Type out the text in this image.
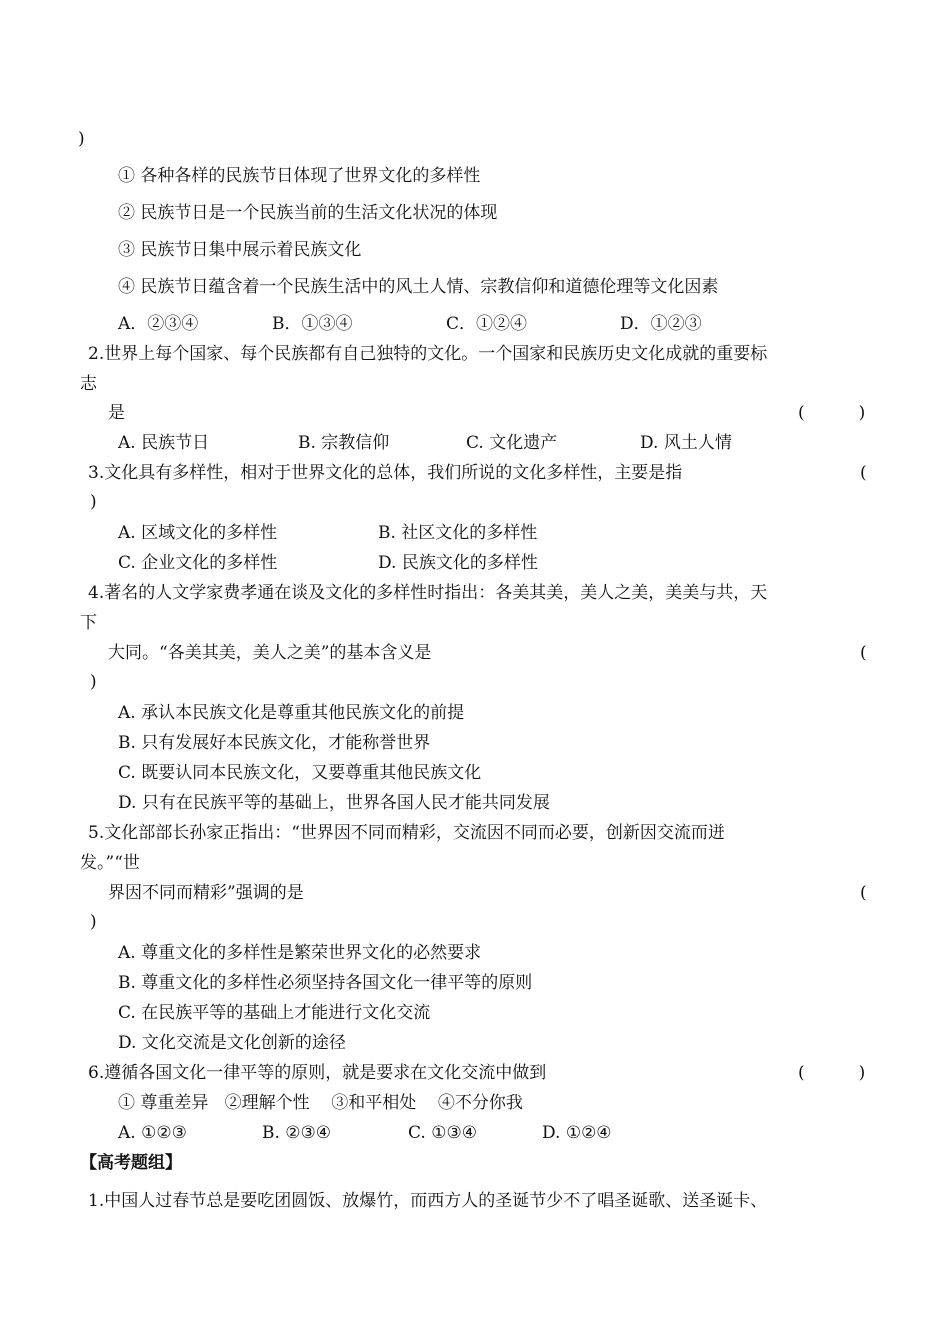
)
① 各种各样的民族节日体现了世界文化的多样性
② 民族节日是一个民族当前的生活文化状况的体现
③ 民族节日集中展示着民族文化
④ 民族节日蕴含着一个民族生活中的风土人情、宗教信仰和道德伦理等文化因素
A．②③④	B．①③④	C．①②④	D．①②③
2.世界上每个国家、每个民族都有自己独特的文化。一个国家和民族历史文化成就的重要标
志
是	(          )
A. 民族节日	B. 宗教信仰	C. 文化遗产	D. 风土人情
3.文化具有多样性，相对于世界文化的总体，我们所说的文化多样性，主要是指	(
)
A. 区域文化的多样性	B. 社区文化的多样性
C. 企业文化的多样性	D. 民族文化的多样性
4.著名的人文学家费孝通在谈及文化的多样性时指出：各美其美，美人之美，美美与共，天
下
大同。“各美其美，美人之美”的基本含义是	(
)
A. 承认本民族文化是尊重其他民族文化的前提
B. 只有发展好本民族文化，才能称誉世界
C. 既要认同本民族文化，又要尊重其他民族文化
D. 只有在民族平等的基础上，世界各国人民才能共同发展
5.文化部部长孙家正指出：“世界因不同而精彩，交流因不同而必要，创新因交流而迸
发。”“世
界因不同而精彩”强调的是	(
)
A. 尊重文化的多样性是繁荣世界文化的必然要求
B. 尊重文化的多样性必须坚持各国文化一律平等的原则
C. 在民族平等的基础上才能进行文化交流
D. 文化交流是文化创新的途径
6.遵循各国文化一律平等的原则，就是要求在文化交流中做到	(          )
① 尊重差异   ②理解个性    ③和平相处    ④不分你我
A. ①②③	B. ②③④	C. ①③④	D. ①②④
【高考题组】
1.中国人过春节总是要吃团圆饭、放爆竹，而西方人的圣诞节少不了唱圣诞歌、送圣诞卡、
